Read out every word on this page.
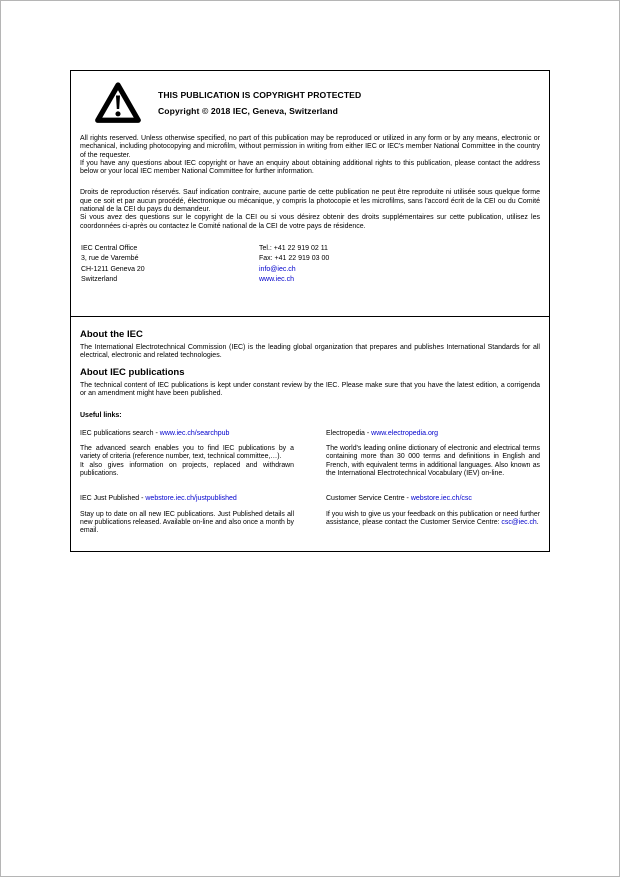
THIS PUBLICATION IS COPYRIGHT PROTECTED
Copyright © 2018 IEC, Geneva, Switzerland
All rights reserved. Unless otherwise specified, no part of this publication may be reproduced or utilized in any form or by any means, electronic or mechanical, including photocopying and microfilm, without permission in writing from either IEC or IEC's member National Committee in the country of the requester.
If you have any questions about IEC copyright or have an enquiry about obtaining additional rights to this publication, please contact the address below or your local IEC member National Committee for further information.
Droits de reproduction réservés. Sauf indication contraire, aucune partie de cette publication ne peut être reproduite ni utilisée sous quelque forme que ce soit et par aucun procédé, électronique ou mécanique, y compris la photocopie et les microfilms, sans l'accord écrit de la CEI ou du Comité national de la CEI du pays du demandeur.
Si vous avez des questions sur le copyright de la CEI ou si vous désirez obtenir des droits supplémentaires sur cette publication, utilisez les coordonnées ci-après ou contactez le Comité national de la CEI de votre pays de résidence.
IEC Central Office	Tel.: +41 22 919 02 11
3, rue de Varembé	Fax: +41 22 919 03 00
CH-1211 Geneva 20	info@iec.ch
Switzerland	www.iec.ch
About the IEC
The International Electrotechnical Commission (IEC) is the leading global organization that prepares and publishes International Standards for all electrical, electronic and related technologies.
About IEC publications
The technical content of IEC publications is kept under constant review by the IEC. Please make sure that you have the latest edition, a corrigenda or an amendment might have been published.
Useful links:
IEC publications search - www.iec.ch/searchpub
The advanced search enables you to find IEC publications by a variety of criteria (reference number, text, technical committee,…).
It also gives information on projects, replaced and withdrawn publications.
Electropedia - www.electropedia.org
The world's leading online dictionary of electronic and electrical terms containing more than 30 000 terms and definitions in English and French, with equivalent terms in additional languages. Also known as the International Electrotechnical Vocabulary (IEV) on-line.
IEC Just Published - webstore.iec.ch/justpublished
Stay up to date on all new IEC publications. Just Published details all new publications released. Available on-line and also once a month by email.
Customer Service Centre - webstore.iec.ch/csc
If you wish to give us your feedback on this publication or need further assistance, please contact the Customer Service Centre: csc@iec.ch.
